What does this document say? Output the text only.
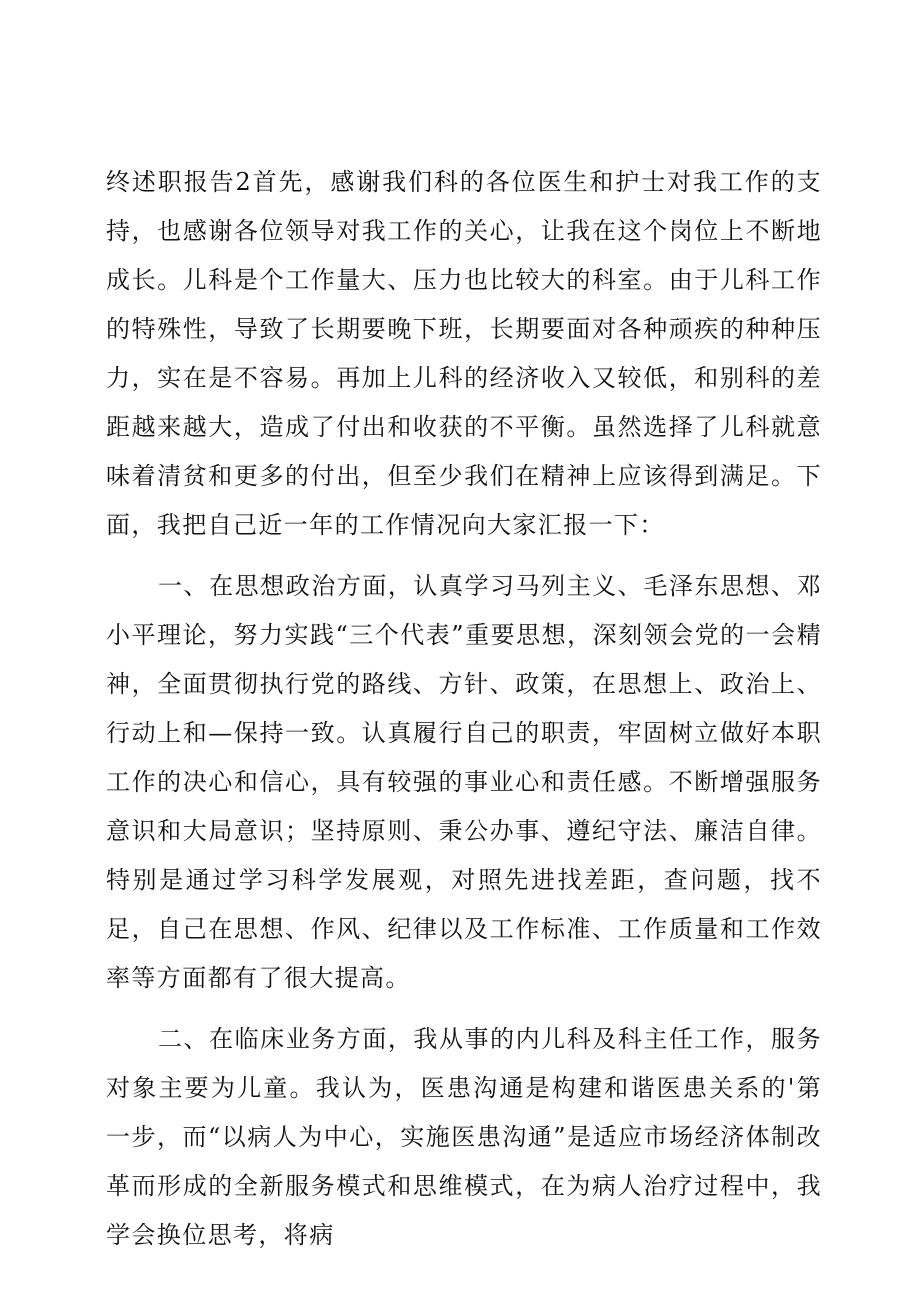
终述职报告2首先，感谢我们科的各位医生和护士对我工作的支持，也感谢各位领导对我工作的关心，让我在这个岗位上不断地成长。儿科是个工作量大、压力也比较大的科室。由于儿科工作的特殊性，导致了长期要晚下班，长期要面对各种顽疾的种种压力，实在是不容易。再加上儿科的经济收入又较低，和别科的差距越来越大，造成了付出和收获的不平衡。虽然选择了儿科就意味着清贫和更多的付出，但至少我们在精神上应该得到满足。下面，我把自己近一年的工作情况向大家汇报一下：

一、在思想政治方面，认真学习马列主义、毛泽东思想、邓小平理论，努力实践“三个代表”重要思想，深刻领会党的一会精神，全面贯彻执行党的路线、方针、政策，在思想上、政治上、行动上和—保持一致。认真履行自己的职责，牢固树立做好本职工作的决心和信心，具有较强的事业心和责任感。不断增强服务意识和大局意识；坚持原则、秉公办事、遵纪守法、廉洁自律。特别是通过学习科学发展观，对照先进找差距，查问题，找不足，自己在思想、作风、纪律以及工作标准、工作质量和工作效率等方面都有了很大提高。

二、在临床业务方面，我从事的内儿科及科主任工作，服务对象主要为儿童。我认为，医患沟通是构建和谐医患关系的'第一步，而“以病人为中心，实施医患沟通”是适应市场经济体制改革而形成的全新服务模式和思维模式，在为病人治疗过程中，我学会换位思考，将病
